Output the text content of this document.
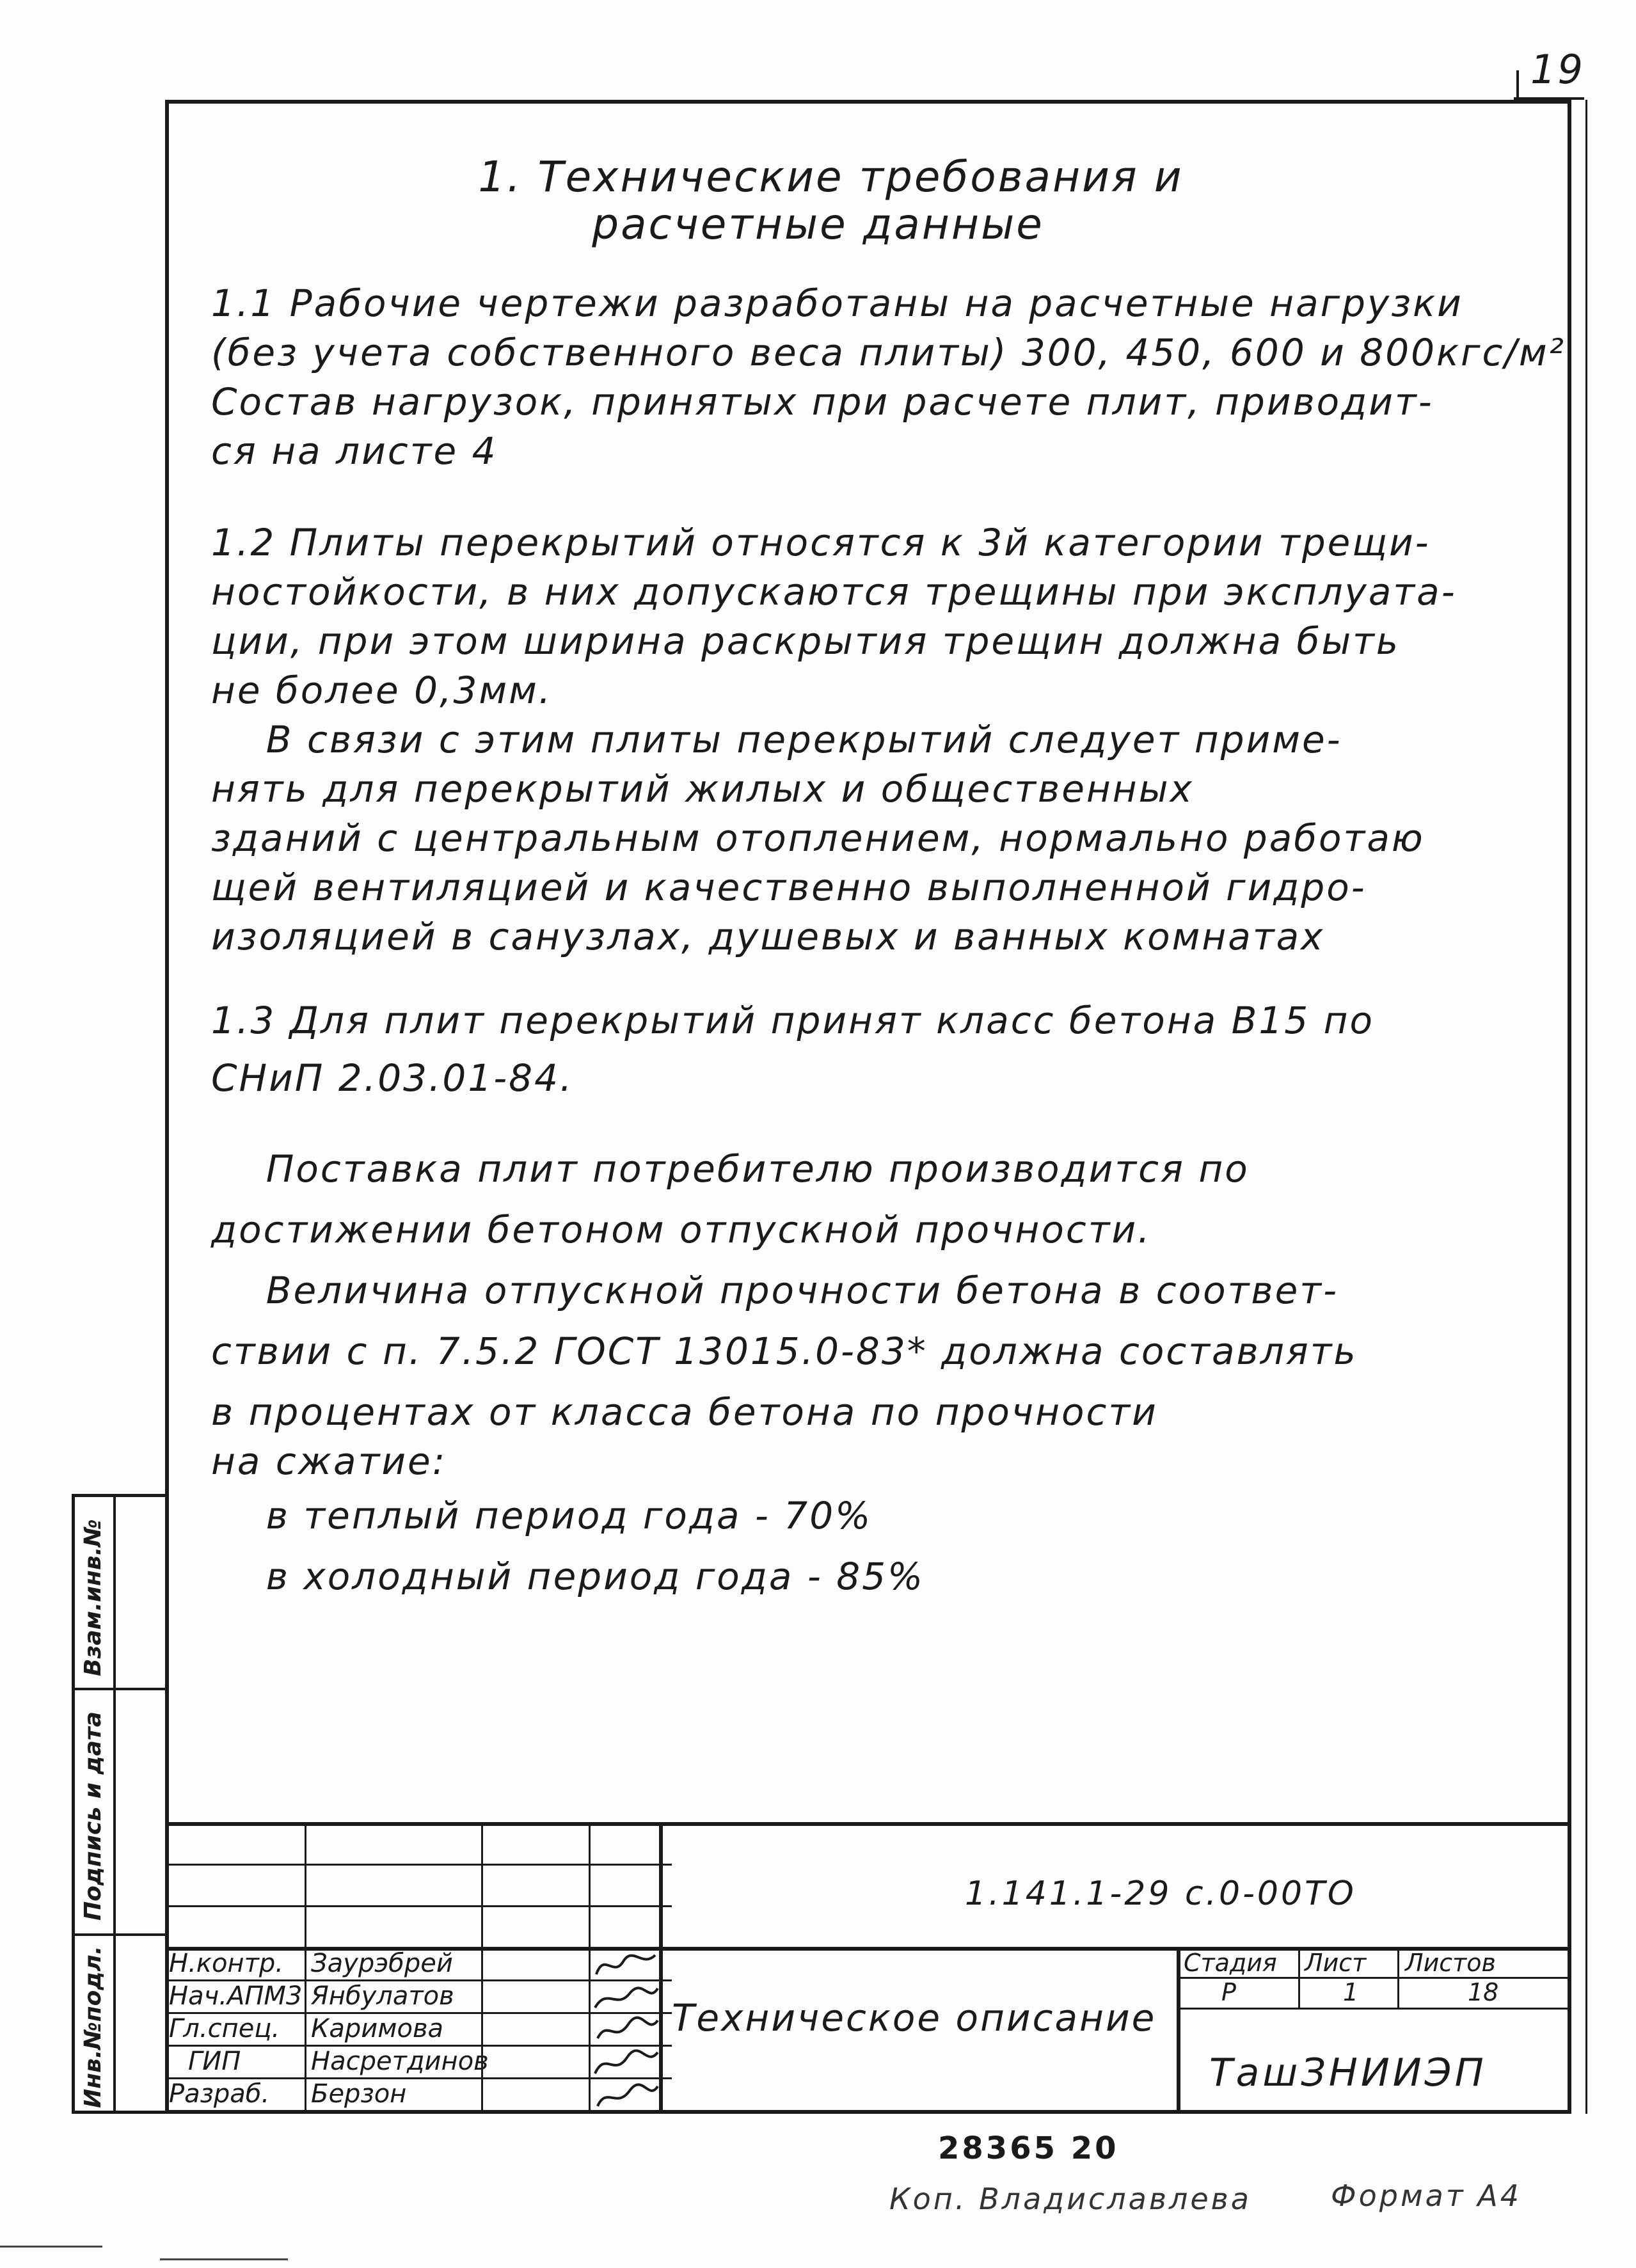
19
1. Технические требования и
расчетные данные
1.1 Рабочие чертежи разработаны на расчетные нагрузки
(без учета собственного веса плиты) 300, 450, 600 и 800кгс/м²
Состав нагрузок, принятых при расчете плит, приводит-
ся на листе 4
1.2 Плиты перекрытий относятся к 3й категории трещи-
ностойкости, в них допускаются трещины при эксплуата-
ции, при этом ширина раскрытия трещин должна быть
не более 0,3мм.
В связи с этим плиты перекрытий следует приме-
нять для перекрытий жилых и общественных
зданий с центральным отоплением, нормально работаю
щей вентиляцией и качественно выполненной гидро-
изоляцией в санузлах, душевых и ванных комнатах
1.3 Для плит перекрытий принят класс бетона B15 по
СНиП 2.03.01-84.
Поставка плит потребителю производится по
достижении бетоном отпускной прочности.
Величина отпускной прочности бетона в соответ-
ствии с п. 7.5.2 ГОСТ 13015.0-83* должна составлять
в процентах от класса бетона по прочности
на сжатие:
в теплый период года - 70%
в холодный период года - 85%
Взам.инв.№
Подпись и дата
Инв.№подл. Н.контр. Заурэбрей
Нач.АПМ3 Янбулатов
Гл.спец. Каримова
ГИП	Насретдинов
Разраб. Берзон
Стадия Лист Листов
Р	1	18
1.141.1-29 с.0-00ТО
Техническое описание
ТашЗНИИЭП
28365 20
Коп. Владиславлева	Формат А4
